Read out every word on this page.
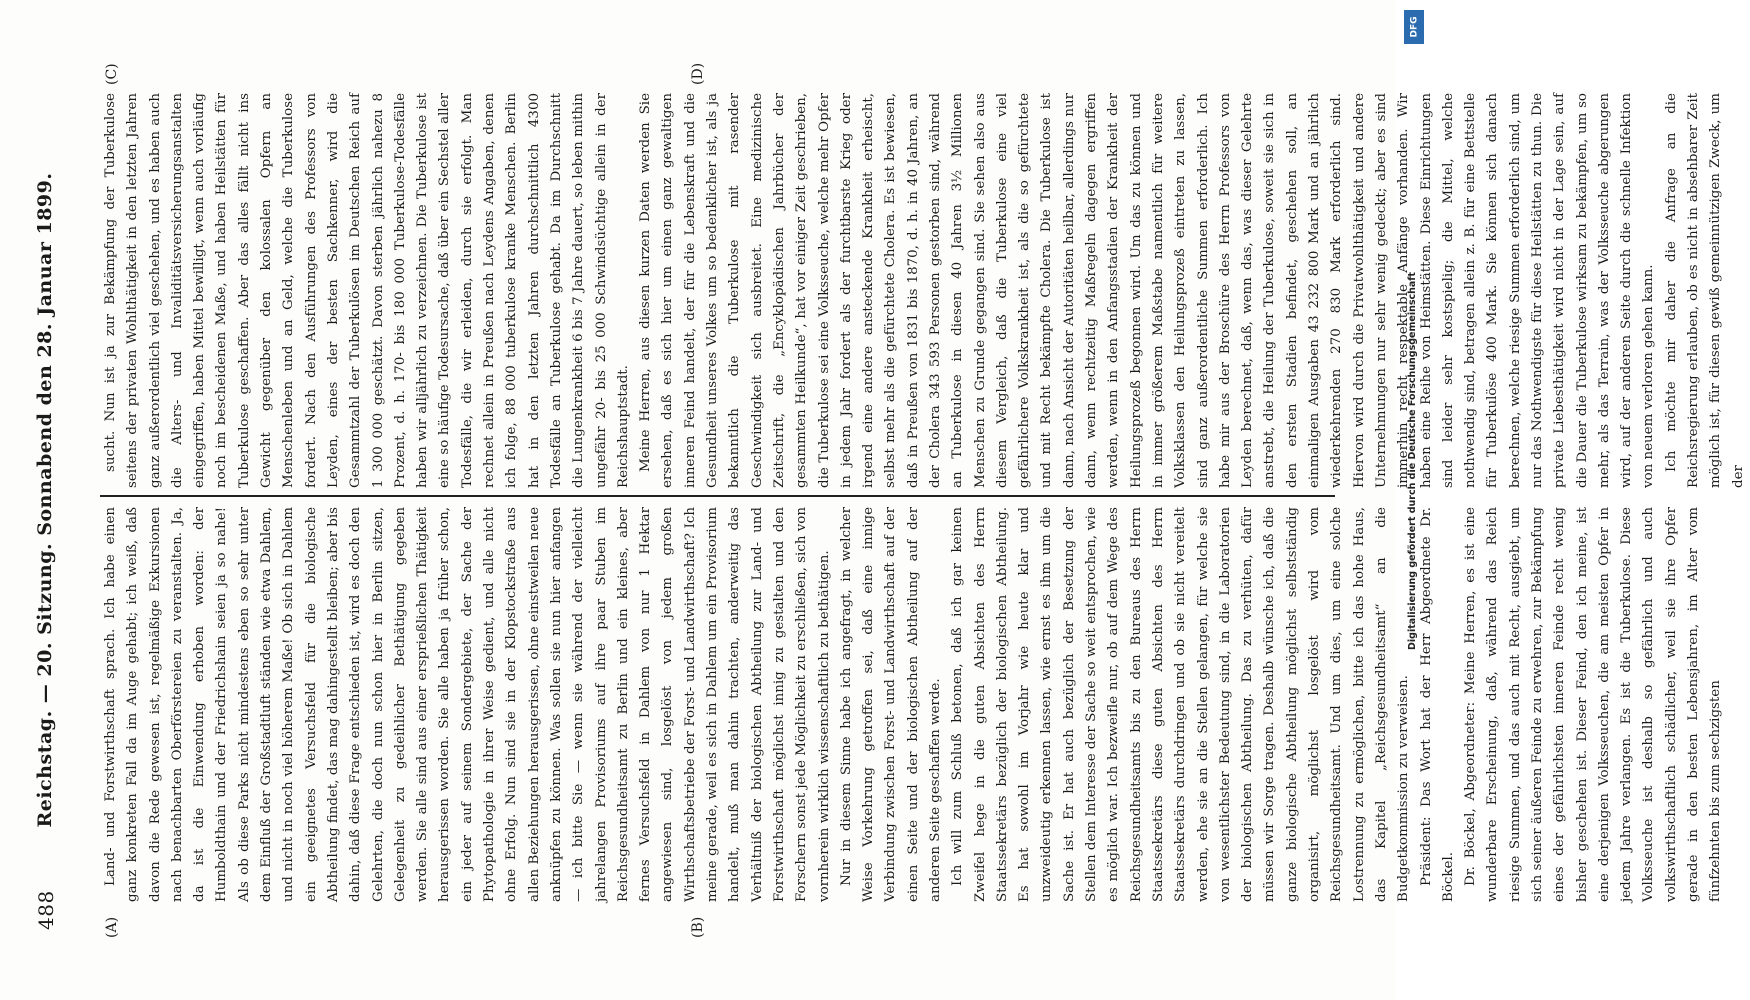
488
Reichstag. — 20. Sitzung. Sonnabend den 28. Januar 1899.
(A)	(B)
(C)	(D)

Land- und Forstwirthschaft sprach. Ich habe einen ganz konkreten Fall da im Auge gehabt; ich weiß, daß davon die Rede gewesen ist, regelmäßige Exkursionen nach benachbarten Oberförstereien zu veranstalten. Ja, da ist die Einwendung erhoben worden: der Humboldthain und der Friedrichshain seien ja so nahe! Als ob diese Parks nicht mindestens eben so sehr unter dem Einfluß der Großstadtluft ständen wie etwa Dahlem, und nicht in noch viel höherem Maße! Ob sich in Dahlem ein geeignetes Versuchsfeld für die biologische Abtheilung findet, das mag dahingestellt bleiben; aber bis dahin, daß diese Frage entschieden ist, wird es doch den Gelehrten, die doch nun schon hier in Berlin sitzen, Gelegenheit zu gedeihlicher Bethätigung gegeben werden. Sie alle sind aus einer ersprießlichen Thätigkeit herausgerissen worden. Sie alle haben ja früher schon, ein jeder auf seinem Sondergebiete, der Sache der Phytopathologie in ihrer Weise gedient, und alle nicht ohne Erfolg. Nun sind sie in der Klopstockstraße aus allen Beziehungen herausgerissen, ohne einstweilen neue anknüpfen zu können. Was sollen sie nun hier anfangen — ich bitte Sie — wenn sie während der vielleicht jahrelangen Provisoriums auf ihre paar Stuben im Reichsgesundheitsamt zu Berlin und ein kleines, aber fernes Versuchsfeld in Dahlem von nur 1 Hektar angewiesen sind, losgelöst von jedem großen Wirthschaftsbetriebe der Forst- und Landwirthschaft? Ich meine gerade, weil es sich in Dahlem um ein Provisorium handelt, muß man dahin trachten, anderweitig das Verhältniß der biologischen Abtheilung zur Land- und Forstwirthschaft möglichst innig zu gestalten und den Forschern sonst jede Möglichkeit zu erschließen, sich von vornherein wirklich wissenschaftlich zu bethätigen. Nur in diesem Sinne habe ich angefragt, in welcher Weise Vorkehrung getroffen sei, daß eine innige Verbindung zwischen Forst- und Landwirthschaft auf der einen Seite und der biologischen Abtheilung auf der anderen Seite geschaffen werde. Ich will zum Schluß betonen, daß ich gar keinen Zweifel hege in die guten Absichten des Herrn Staatssekretärs bezüglich der biologischen Abtheilung. Es hat sowohl im Vorjahr wie heute klar und unzweideutig erkennen lassen, wie ernst es ihm um die Sache ist. Er hat auch bezüglich der Besetzung der Stellen dem Interesse der Sache so weit entsprochen, wie es möglich war. Ich bezweifle nur, ob auf dem Wege des Reichsgesundheitsamts bis zu den Bureaus des Herrn Staatssekretärs diese guten Absichten des Herrn Staatssekretärs durchdringen und ob sie nicht vereitelt werden, ehe sie an die Stellen gelangen, für welche sie von wesentlichster Bedeutung sind, in die Laboratorien der biologischen Abtheilung. Das zu verhüten, dafür müssen wir Sorge tragen. Deshalb wünsche ich, daß die ganze biologische Abtheilung möglichst selbstständig organisirt, möglichst losgelöst wird vom Reichsgesundheitsamt. Und um dies, um eine solche Lostrennung zu ermöglichen, bitte ich das hohe Haus, das Kapitel „Reichsgesundheitsamt“ an die Budgetkommission zu verweisen. Präsident: Das Wort hat der Herr Abgeordnete Dr. Böckel. Dr. Böckel, Abgeordneter: Meine Herren, es ist eine wunderbare Erscheinung, daß, während das Reich riesige Summen, und das auch mit Recht, ausgiebt, um sich seiner äußeren Feinde zu erwehren, zur Bekämpfung eines der gefährlichsten inneren Feinde recht wenig bisher geschehen ist. Dieser Feind, den ich meine, ist eine derjenigen Volksseuchen, die am meisten Opfer in jedem Jahre verlangen. Es ist die Tuberkulose. Diese Volksseuche ist deshalb so gefährlich und auch volkswirthschaftlich schädlicher, weil sie ihre Opfer gerade in den besten Lebensjahren, im Alter vom fünfzehnten bis zum sechzigsten

sucht. Nun ist ja zur Bekämpfung der Tuberkulose seitens der privaten Wohlthätigkeit in den letzten Jahren ganz außerordentlich viel geschehen, und es haben auch die Alters- und Invaliditätsversicherungsanstalten eingegriffen, haben Mittel bewilligt, wenn auch vorläufig noch im bescheidenen Maße, und haben Heilstätten für Tuberkulose geschaffen. Aber das alles fällt nicht ins Gewicht gegenüber den kolossalen Opfern an Menschenleben und an Geld, welche die Tuberkulose fordert. Nach den Ausführungen des Professors von Leyden, eines der besten Sachkenner, wird die Gesammtzahl der Tuberkulösen im Deutschen Reich auf 1 300 000 geschätzt. Davon sterben jährlich nahezu 8 Prozent, d. h. 170- bis 180 000 Tuberkulose-Todesfälle haben wir alljährlich zu verzeichnen. Die Tuberkulose ist eine so häufige Todesursache, daß über ein Sechstel aller Todesfälle, die wir erleiden, durch sie erfolgt. Man rechnet allein in Preußen nach Leydens Angaben, denen ich folge, 88 000 tuberkulose kranke Menschen. Berlin hat in den letzten Jahren durchschnittlich 4300 Todesfälle an Tuberkulose gehabt. Da im Durchschnitt die Lungenkrankheit 6 bis 7 Jahre dauert, so leben mithin ungefähr 20- bis 25 000 Schwindsüchtige allein in der Reichshauptstadt. Meine Herren, aus diesen kurzen Daten werden Sie ersehen, daß es sich hier um einen ganz gewaltigen inneren Feind handelt, der für die Lebenskraft und die Gesundheit unseres Volkes um so bedenklicher ist, als ja bekanntlich die Tuberkulose mit rasender Geschwindigkeit sich ausbreitet. Eine medizinische Zeitschrift, die „Encyklopädischen Jahrbücher der gesammten Heilkunde“, hat vor einiger Zeit geschrieben, die Tuberkulose sei eine Volksseuche, welche mehr Opfer in jedem Jahr fordert als der furchtbarste Krieg oder irgend eine andere ansteckende Krankheit erheischt, selbst mehr als die gefürchtete Cholera. Es ist bewiesen, daß in Preußen von 1831 bis 1870, d. h. in 40 Jahren, an der Cholera 343 593 Personen gestorben sind, während an Tuberkulose in diesen 40 Jahren 3½ Millionen Menschen zu Grunde gegangen sind. Sie sehen also aus diesem Vergleich, daß die Tuberkulose eine viel gefährlichere Volkskrankheit ist, als die so gefürchtete und mit Recht bekämpfte Cholera. Die Tuberkulose ist dann, nach Ansicht der Autoritäten heilbar, allerdings nur dann, wenn rechtzeitig Maßregeln dagegen ergriffen werden, wenn in den Anfangsstadien der Krankheit der Heilungsprozeß begonnen wird. Um das zu können und in immer größerem Maßstabe namentlich für weitere Volksklassen den Heilungsprozeß eintreten zu lassen, sind ganz außerordentliche Summen erforderlich. Ich habe mir aus der Broschüre des Herrn Professors von Leyden berechnet, daß, wenn das, was dieser Gelehrte anstrebt, die Heilung der Tuberkulose, soweit sie sich in den ersten Stadien befindet, geschehen soll, an einmaligen Ausgaben 43 232 800 Mark und an jährlich wiederkehrenden 270 830 Mark erforderlich sind. Hiervon wird durch die Privatwohlthätigkeit und andere Unternehmungen nur sehr wenig gedeckt; aber es sind immerhin recht respektable Anfänge vorhanden. Wir haben eine Reihe von Heimstätten. Diese Einrichtungen sind leider sehr kostspielig; die Mittel, welche nothwendig sind, betragen allein z. B. für eine Bettstelle für Tuberkulöse 400 Mark. Sie können sich danach berechnen, welche riesige Summen erforderlich sind, um nur das Nothwendigste für diese Heilstätten zu thun. Die private Liebesthätigkeit wird nicht in der Lage sein, auf die Dauer die Tuberkulose wirksam zu bekämpfen, um so mehr, als das Terrain, was der Volksseuche abgerungen wird, auf der anderen Seite durch die schnelle Infektion von neuem verloren gehen kann. Ich möchte mir daher die Anfrage an die Reichsregierung erlauben, ob es nicht in absehbarer Zeit möglich ist, für diesen gewiß gemeinnützigen Zweck, um der

DFG
Digitalisierung gefördert durch die Deutsche Forschungsgemeinschaft
